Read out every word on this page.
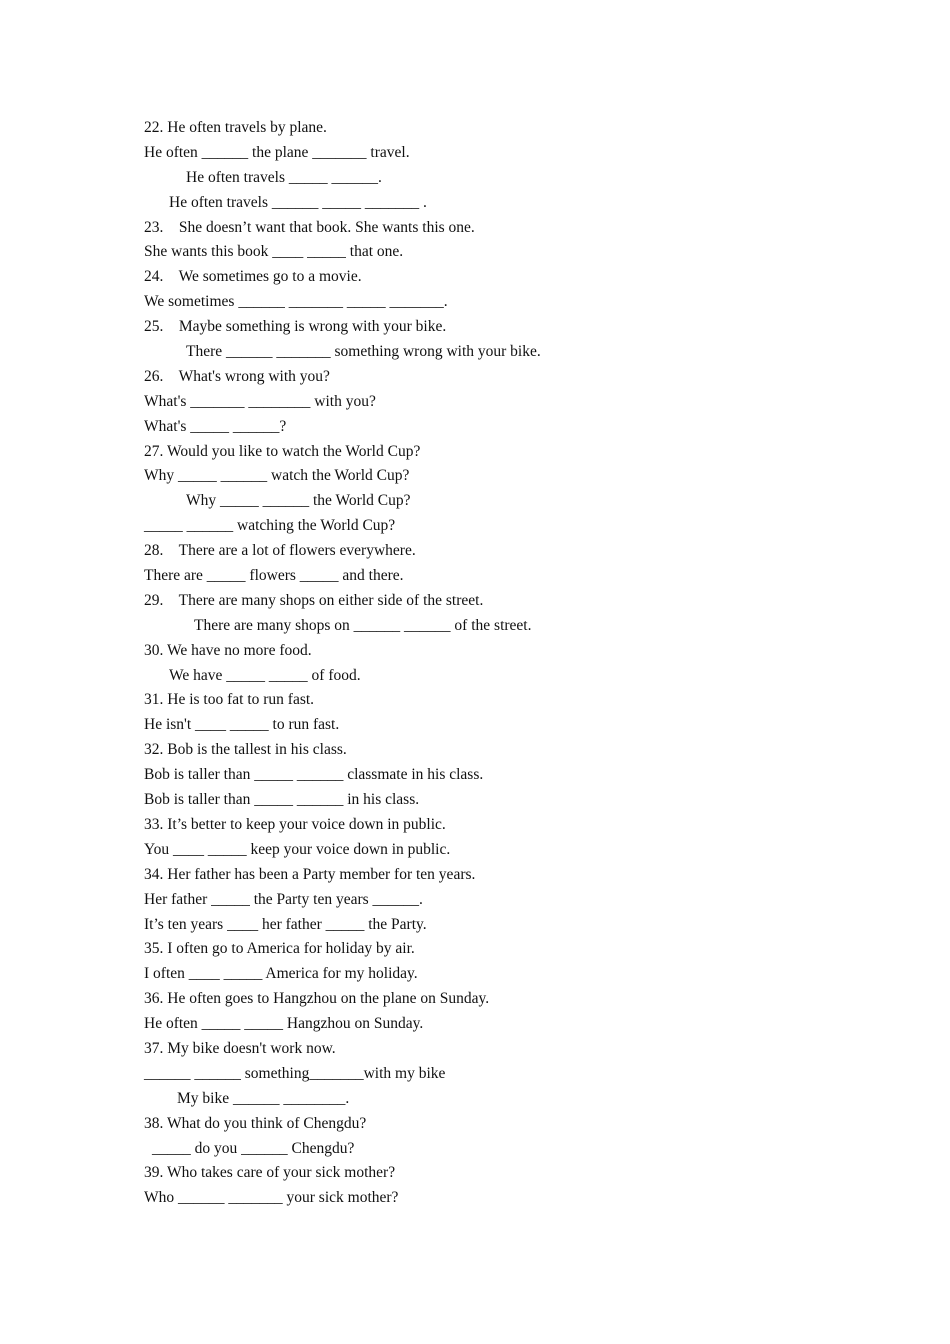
22. He often travels by plane.
He often ______ the plane _______ travel.
He often travels _____ ______.
He often travels ______ _____ _______ .
23.    She doesn’t want that book. She wants this one.
She wants this book ____ _____ that one.
24.    We sometimes go to a movie.
We sometimes ______ _______ _____ _______.
25.    Maybe something is wrong with your bike.
There ______ _______ something wrong with your bike.
26.    What's wrong with you?
What's _______ ________ with you?
What's _____ ______?
27. Would you like to watch the World Cup?
Why _____ ______ watch the World Cup?
Why _____ ______ the World Cup?
_____ ______ watching the World Cup?
28.    There are a lot of flowers everywhere.
There are _____ flowers _____ and there.
29.    There are many shops on either side of the street.
There are many shops on ______ ______ of the street.
30. We have no more food.
We have _____ _____ of food.
31. He is too fat to run fast.
He isn't ____ _____ to run fast.
32. Bob is the tallest in his class.
Bob is taller than _____ ______ classmate in his class.
Bob is taller than _____ ______ in his class.
33. It’s better to keep your voice down in public.
You ____ _____ keep your voice down in public.
34. Her father has been a Party member for ten years.
Her father _____ the Party ten years ______.
It’s ten years ____ her father _____ the Party.
35. I often go to America for holiday by air.
I often ____ _____ America for my holiday.
36. He often goes to Hangzhou on the plane on Sunday.
He often _____ _____ Hangzhou on Sunday.
37. My bike doesn't work now.
______ ______ something_______with my bike
My bike ______ ________.
38. What do you think of Chengdu?
_____ do you ______ Chengdu?
39. Who takes care of your sick mother?
Who ______ _______ your sick mother?
